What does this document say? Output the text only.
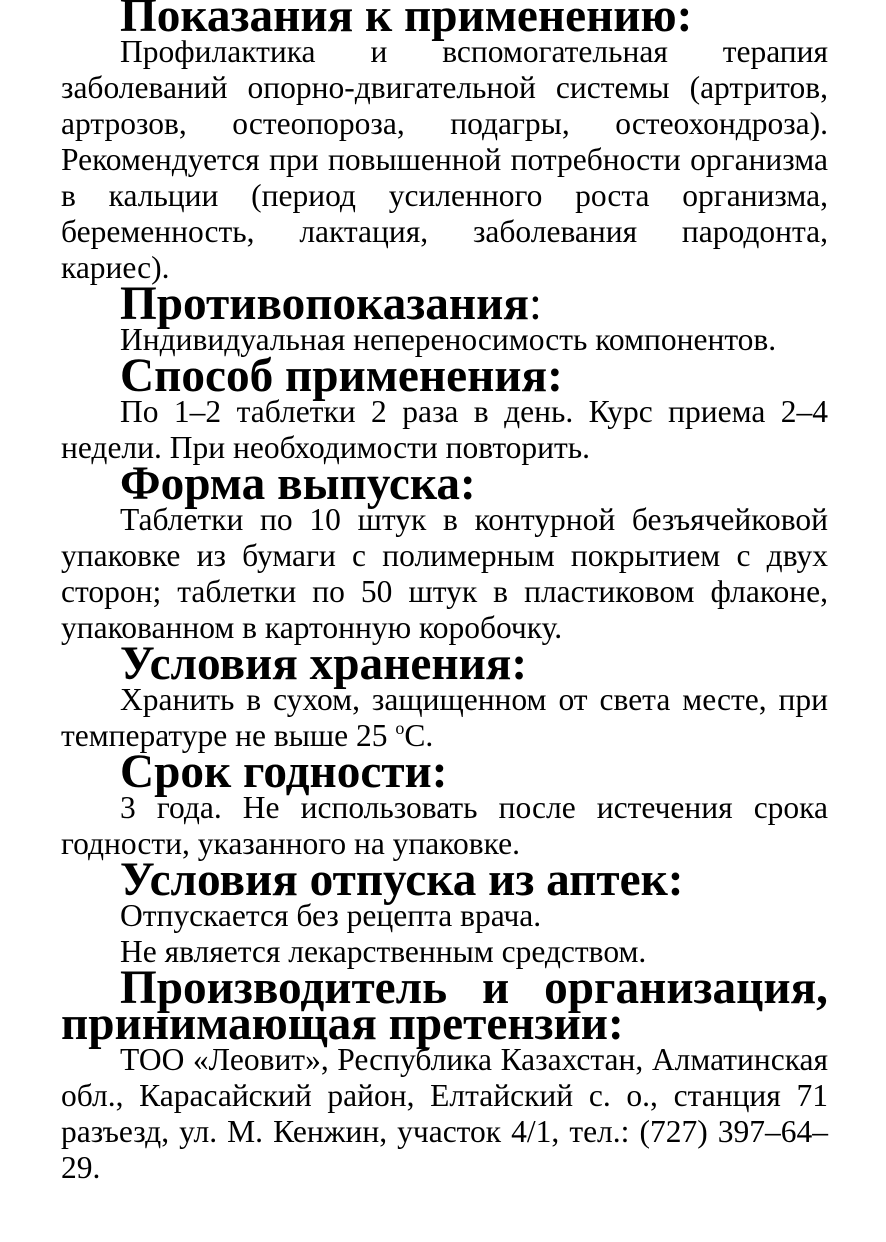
Показания к применению:

Профилактика и вспомогательная терапия заболеваний опорно-двигательной системы (артритов, артрозов, остеопороза, подагры, остеохондроза). Рекомендуется при повышенной потребности организма в кальции (период усиленного роста организма, беременность, лактация, заболевания пародонта, кариес).

Противопоказания:

Индивидуальная непереносимость компонентов.

Способ применения:

По 1–2 таблетки 2 раза в день. Курс приема 2–4 недели. При необходимости повторить.

Форма выпуска:

Таблетки по 10 штук в контурной безъячейковой упаковке из бумаги с полимерным покрытием с двух сторон; таблетки по 50 штук в пластиковом флаконе, упакованном в картонную коробочку.

Условия хранения:

Хранить в сухом, защищенном от света месте, при температуре не выше 25 $^о$С.

Срок годности:

3 года. Не использовать после истечения срока годности, указанного на упаковке.

Условия отпуска из аптек:

Отпускается без рецепта врача.

Не является лекарственным средством.

Производитель и организация, принимающая претензии:

ТОО «Леовит», Республика Казахстан, Алматинская обл., Карасайский район, Елтайский с. о., станция 71 разъезд, ул. М. Кенжин, участок 4/1, тел.: (727) 397–64–29.
